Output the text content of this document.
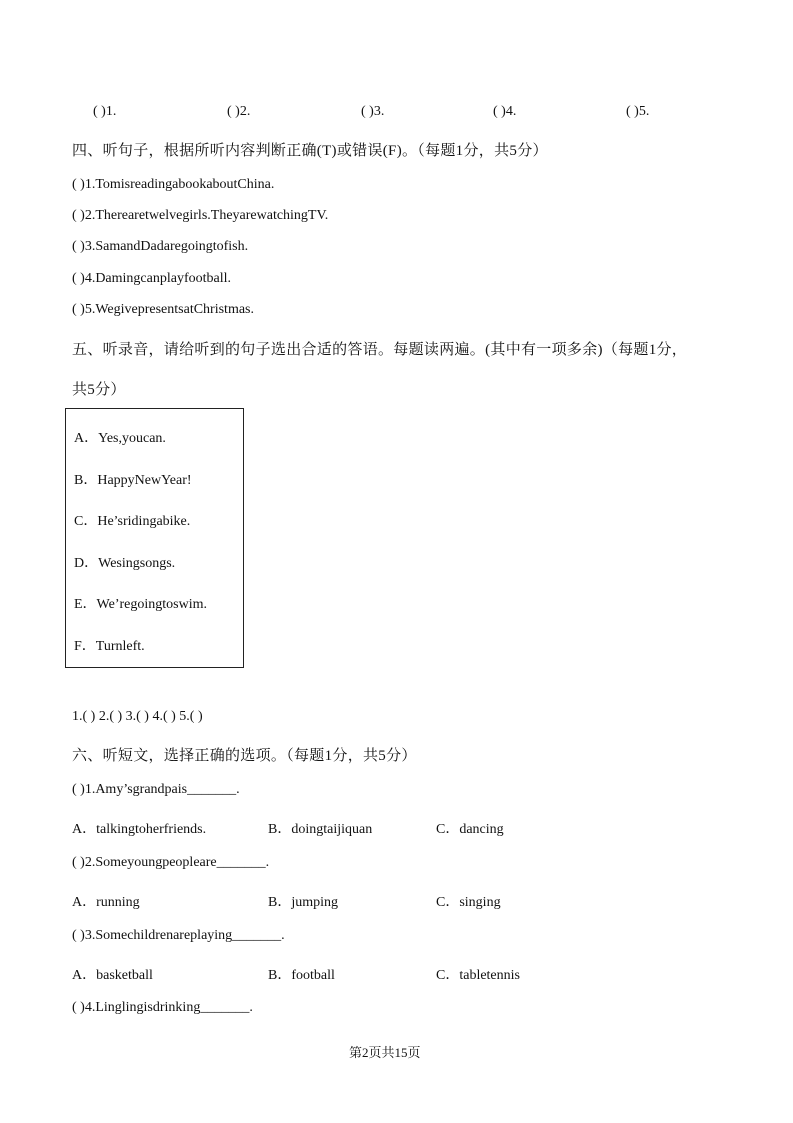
( )1.	( )2.	( )3.	( )4.	( )5.
四、听句子，根据所听内容判断正确(T)或错误(F)。（每题1分，共5分）
( )1.TomisreadingabookaboutChina.
( )2.Therearetwelvegirls.TheyarewatchingTV.
( )3.SamandDadaregoingtofish.
( )4.Damingcanplayfootball.
( )5.WegivepresentsatChristmas.
五、听录音，请给听到的句子选出合适的答语。每题读两遍。(其中有一项多余)（每题1分，
共5分）
A．Yes,youcan.
B．HappyNewYear!
C．He’sridingabike.
D．Wesingsongs.
E．We’regoingtoswim.
F．Turnleft.
1.( ) 2.( ) 3.( ) 4.( ) 5.( )
六、听短文，选择正确的选项。（每题1分，共5分）
( )1.Amy’sgrandpais_______.
A．talkingtoherfriends.	B．doingtaijiquan	C．dancing
( )2.Someyoungpeopleare_______.
A．running	B．jumping	C．singing
( )3.Somechildrenareplaying_______.
A．basketball	B．football	C．tabletennis
( )4.Linglingisdrinking_______.
第2页共15页
